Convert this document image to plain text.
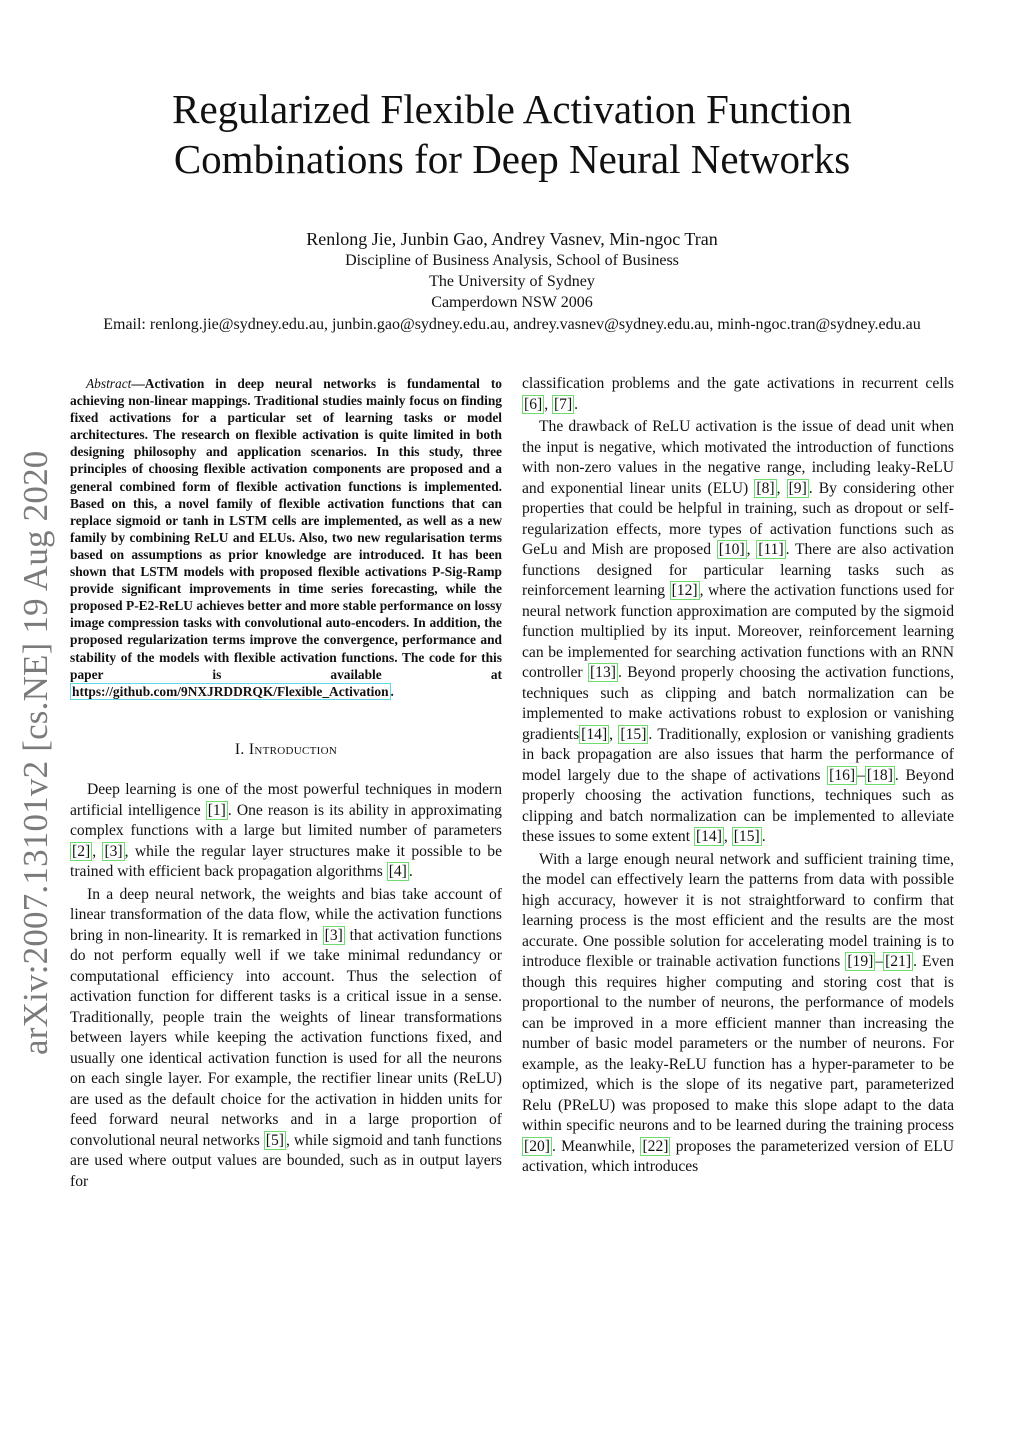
arXiv:2007.13101v2 [cs.NE] 19 Aug 2020
Regularized Flexible Activation Function
Combinations for Deep Neural Networks
Renlong Jie, Junbin Gao, Andrey Vasnev, Min-ngoc Tran
Discipline of Business Analysis, School of Business
The University of Sydney
Camperdown NSW 2006
Email: renlong.jie@sydney.edu.au, junbin.gao@sydney.edu.au, andrey.vasnev@sydney.edu.au, minh-ngoc.tran@sydney.edu.au
Abstract—Activation in deep neural networks is fundamental to achieving non-linear mappings. Traditional studies mainly focus on finding fixed activations for a particular set of learning tasks or model architectures. The research on flexible activation is quite limited in both designing philosophy and application scenarios. In this study, three principles of choosing flexible activation components are proposed and a general combined form of flexible activation functions is implemented. Based on this, a novel family of flexible activation functions that can replace sigmoid or tanh in LSTM cells are implemented, as well as a new family by combining ReLU and ELUs. Also, two new regularisation terms based on assumptions as prior knowledge are introduced. It has been shown that LSTM models with proposed flexible activations P-Sig-Ramp provide significant improvements in time series forecasting, while the proposed P-E2-ReLU achieves better and more stable performance on lossy image compression tasks with convolutional auto-encoders. In addition, the proposed regularization terms improve the convergence, performance and stability of the models with flexible activation functions. The code for this paper is available at https://github.com/9NXJRDDRQK/Flexible_Activation .
I. Introduction
Deep learning is one of the most powerful techniques in modern artificial intelligence [1] . One reason is its ability in approximating complex functions with a large but limited number of parameters [2] , [3] , while the regular layer structures make it possible to be trained with efficient back propagation algorithms [4] .
In a deep neural network, the weights and bias take account of linear transformation of the data flow, while the activation functions bring in non-linearity. It is remarked in [3] that activation functions do not perform equally well if we take minimal redundancy or computational efficiency into account. Thus the selection of activation function for different tasks is a critical issue in a sense. Traditionally, people train the weights of linear transformations between layers while keeping the activation functions fixed, and usually one identical activation function is used for all the neurons on each single layer. For example, the rectifier linear units (ReLU) are used as the default choice for the activation in hidden units for feed forward neural networks and in a large proportion of convolutional neural networks [5] , while sigmoid and tanh functions are used where output values are bounded, such as in output layers for
classification problems and the gate activations in recurrent cells [6] , [7] .
The drawback of ReLU activation is the issue of dead unit when the input is negative, which motivated the introduction of functions with non-zero values in the negative range, including leaky-ReLU and exponential linear units (ELU) [8] , [9] . By considering other properties that could be helpful in training, such as dropout or self-regularization effects, more types of activation functions such as GeLu and Mish are proposed [10] , [11] . There are also activation functions designed for particular learning tasks such as reinforcement learning [12] , where the activation functions used for neural network function approximation are computed by the sigmoid function multiplied by its input. Moreover, reinforcement learning can be implemented for searching activation functions with an RNN controller [13] . Beyond properly choosing the activation functions, techniques such as clipping and batch normalization can be implemented to make activations robust to explosion or vanishing gradients [14] , [15] . Traditionally, explosion or vanishing gradients in back propagation are also issues that harm the performance of model largely due to the shape of activations [16] – [18] . Beyond properly choosing the activation functions, techniques such as clipping and batch normalization can be implemented to alleviate these issues to some extent [14] , [15] .
With a large enough neural network and sufficient training time, the model can effectively learn the patterns from data with possible high accuracy, however it is not straightforward to confirm that learning process is the most efficient and the results are the most accurate. One possible solution for accelerating model training is to introduce flexible or trainable activation functions [19] – [21] . Even though this requires higher computing and storing cost that is proportional to the number of neurons, the performance of models can be improved in a more efficient manner than increasing the number of basic model parameters or the number of neurons. For example, as the leaky-ReLU function has a hyper-parameter to be optimized, which is the slope of its negative part, parameterized Relu (PReLU) was proposed to make this slope adapt to the data within specific neurons and to be learned during the training process [20] . Meanwhile, [22] proposes the parameterized version of ELU activation, which introduces
